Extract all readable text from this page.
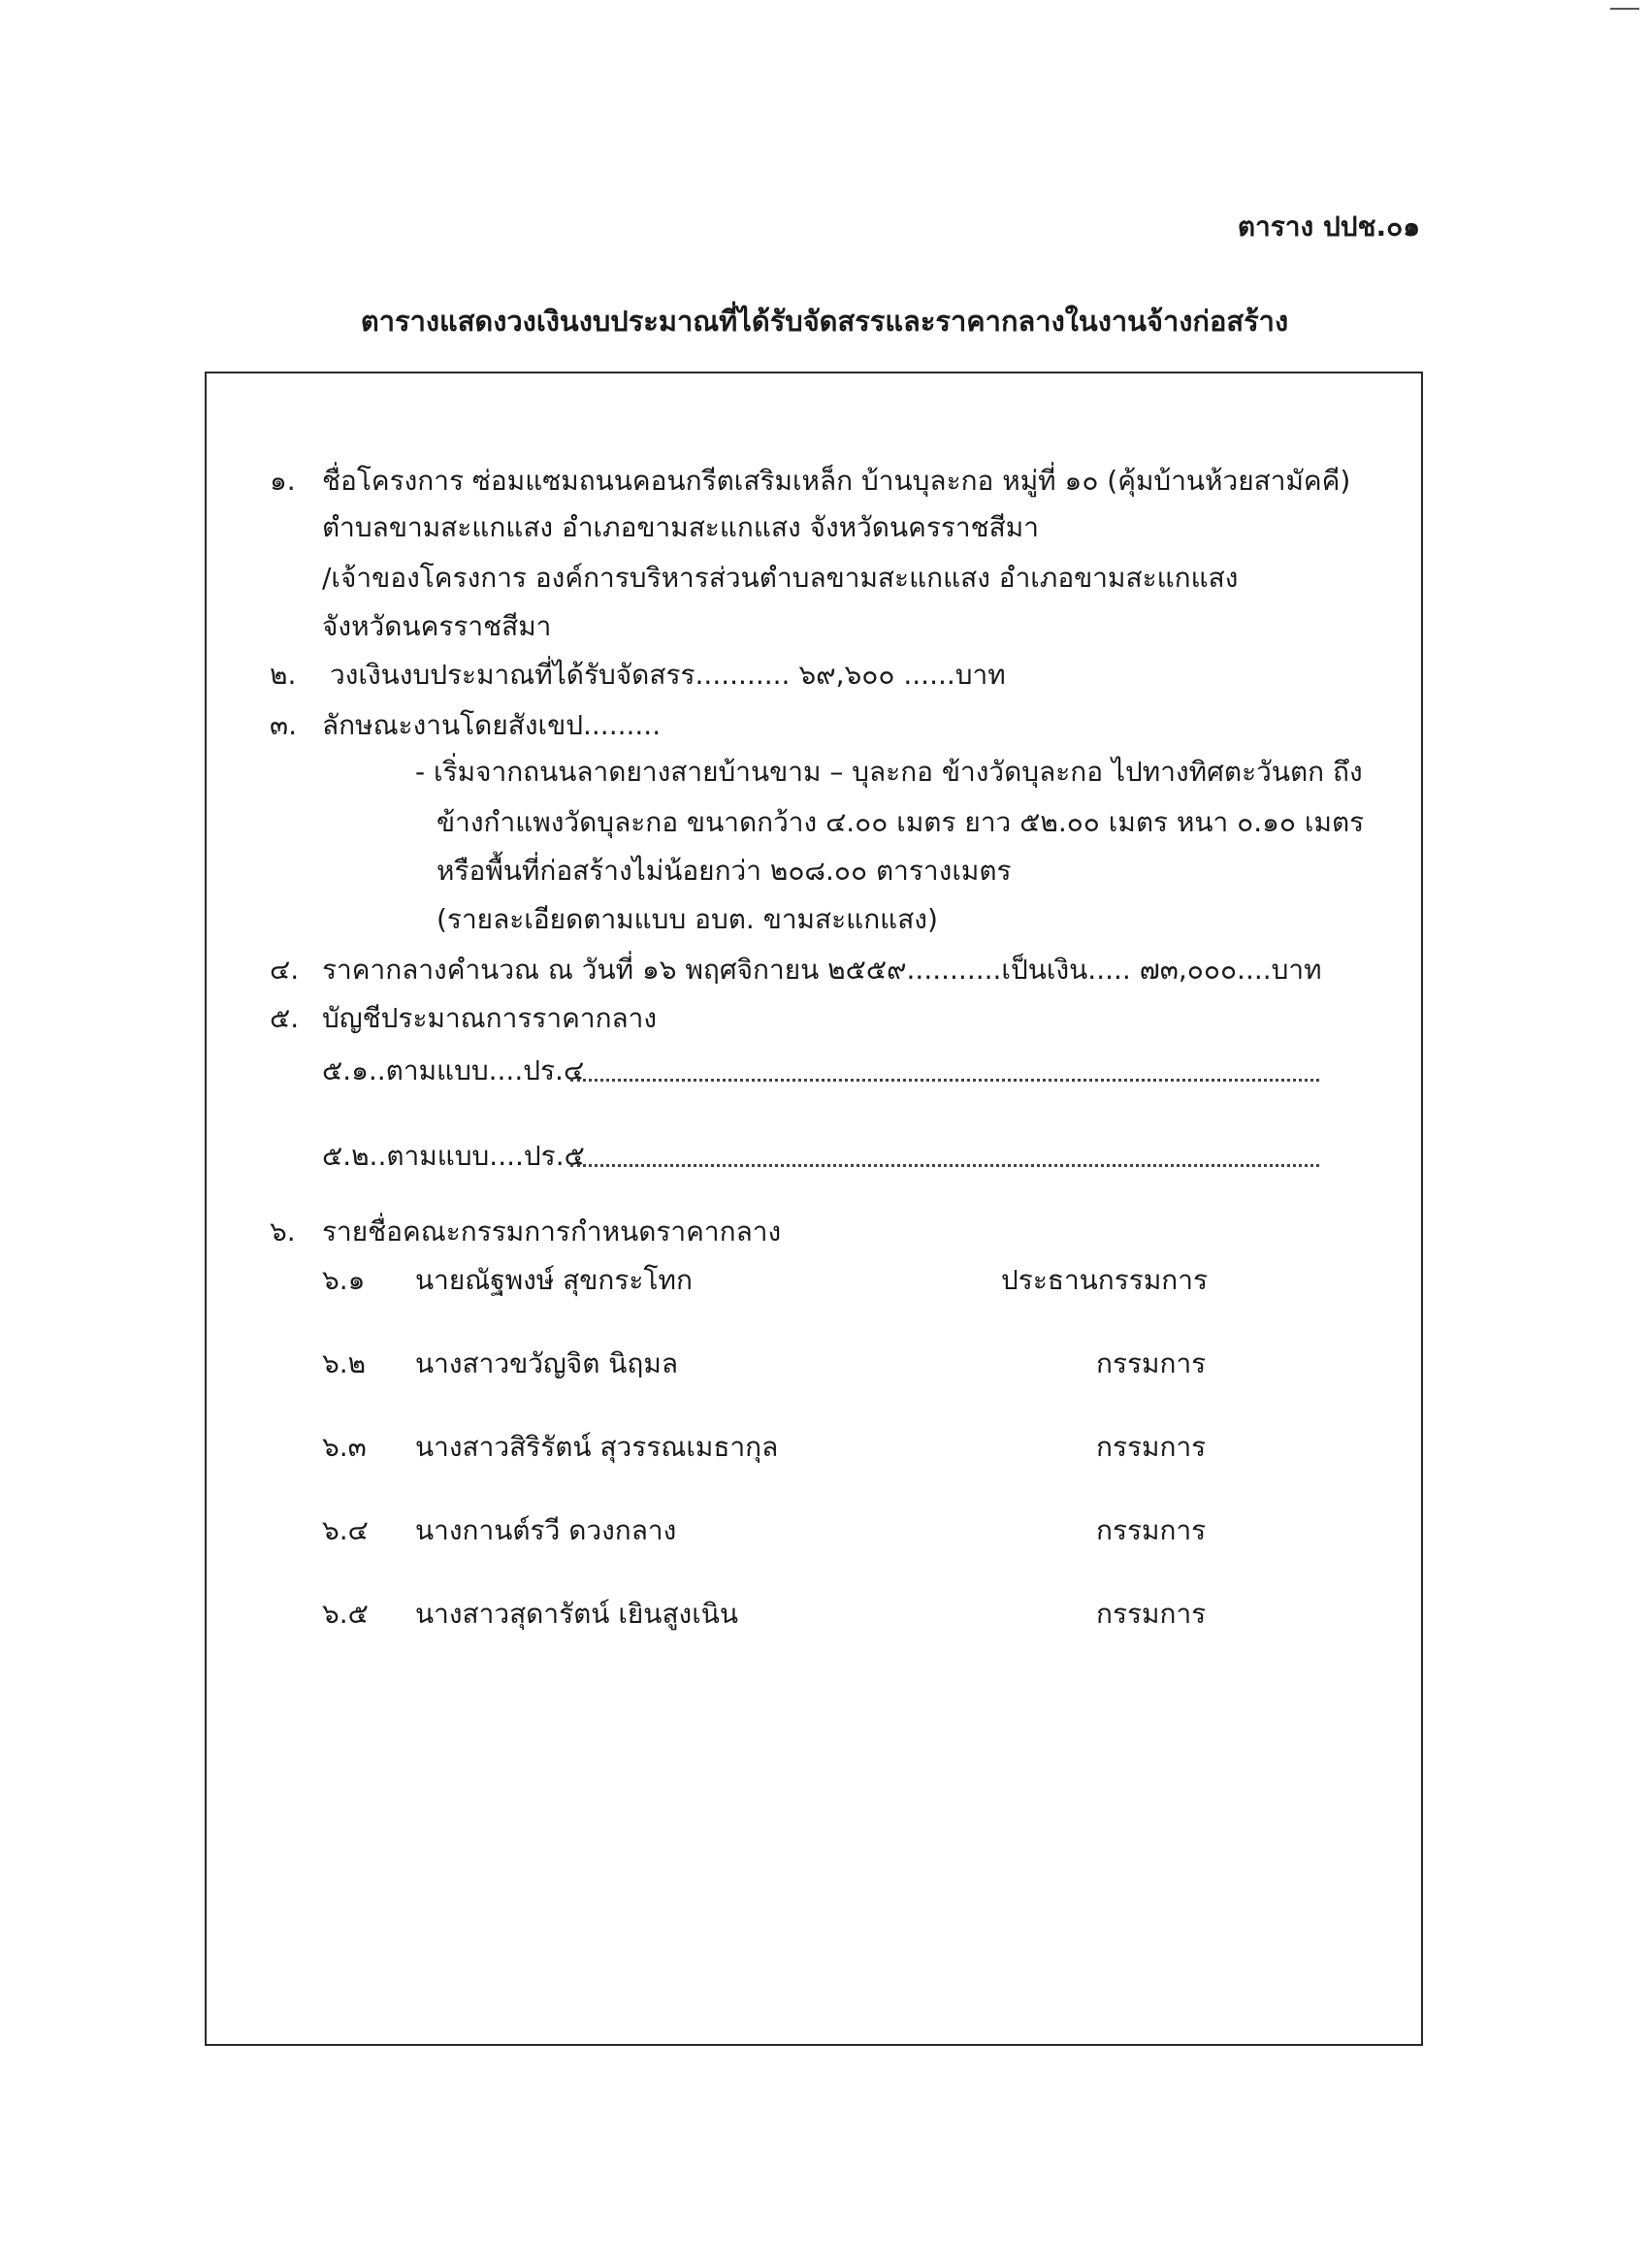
ตาราง ปปช.๐๑
ตารางแสดงวงเงินงบประมาณที่ได้รับจัดสรรและราคากลางในงานจ้างก่อสร้าง
๑. ชื่อโครงการ ซ่อมแซมถนนคอนกรีตเสริมเหล็ก บ้านบุละกอ หมู่ที่ ๑๐ (คุ้มบ้านห้วยสามัคคี)
ตำบลขามสะแกแสง อำเภอขามสะแกแสง จังหวัดนครราชสีมา
/เจ้าของโครงการ องค์การบริหารส่วนตำบลขามสะแกแสง อำเภอขามสะแกแสง
จังหวัดนครราชสีมา
๒. วงเงินงบประมาณที่ได้รับจัดสรร........... ๖๙,๖๐๐ ......บาท
๓. ลักษณะงานโดยสังเขป.........
- เริ่มจากถนนลาดยางสายบ้านขาม – บุละกอ ข้างวัดบุละกอ ไปทางทิศตะวันตก ถึง
ข้างกำแพงวัดบุละกอ ขนาดกว้าง ๔.๐๐ เมตร ยาว ๕๒.๐๐ เมตร หนา ๐.๑๐ เมตร
หรือพื้นที่ก่อสร้างไม่น้อยกว่า ๒๐๘.๐๐ ตารางเมตร
(รายละเอียดตามแบบ อบต. ขามสะแกแสง)
๔. ราคากลางคำนวณ ณ วันที่ ๑๖ พฤศจิกายน ๒๕๕๙...........เป็นเงิน..... ๗๓,๐๐๐....บาท
๕. บัญชีประมาณการราคากลาง
๕.๑..ตามแบบ....ปร.๔
๕.๒..ตามแบบ....ปร.๕
๖. รายชื่อคณะกรรมการกำหนดราคากลาง
๖.๑ นายณัฐพงษ์ สุขกระโทก	ประธานกรรมการ
๖.๒ นางสาวขวัญจิต นิฤมล	กรรมการ
๖.๓ นางสาวสิริรัตน์ สุวรรณเมธากุล	กรรมการ
๖.๔ นางกานต์รวี ดวงกลาง	กรรมการ
๖.๕ นางสาวสุดารัตน์ เยินสูงเนิน	กรรมการ
